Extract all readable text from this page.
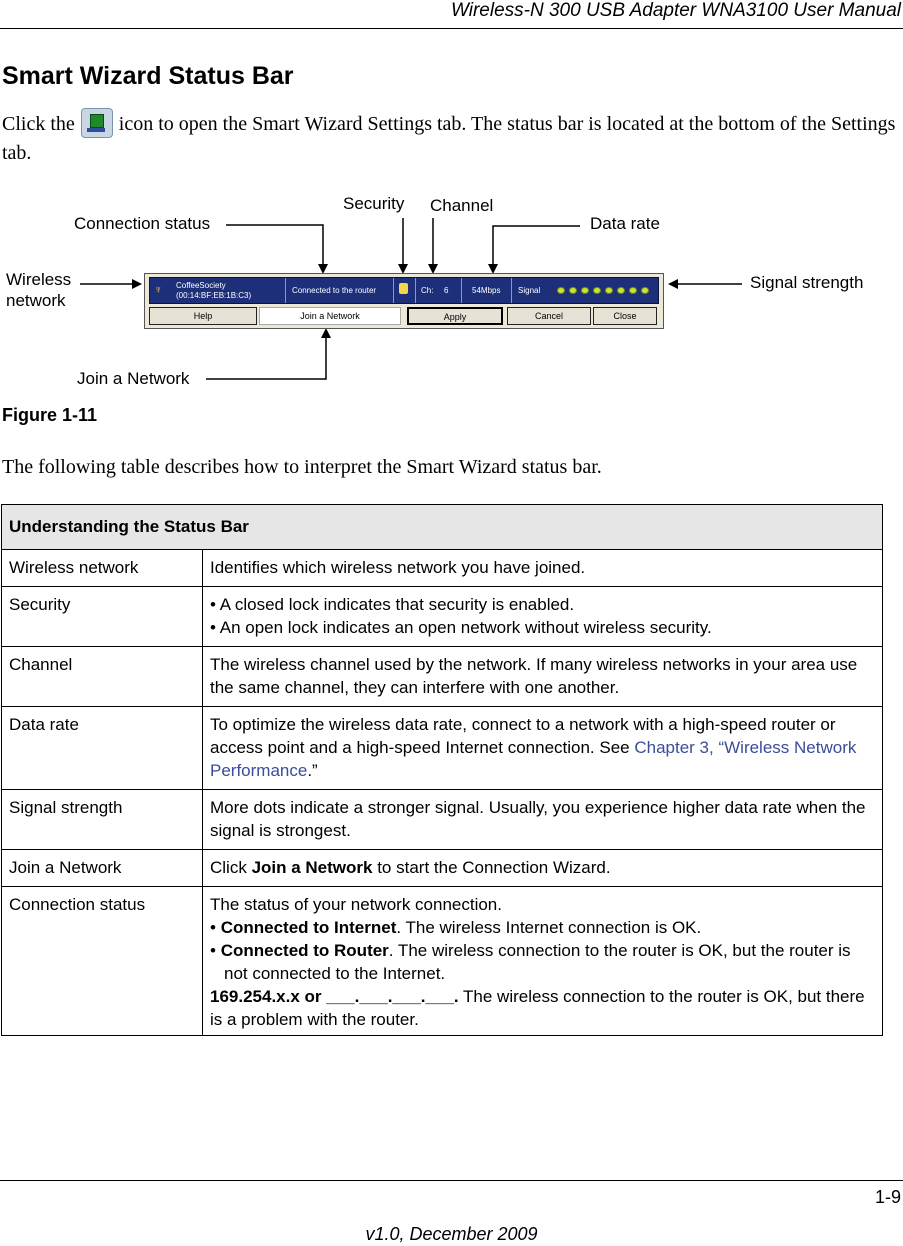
Wireless-N 300 USB Adapter WNA3100 User Manual
Smart Wizard Status Bar
Click the icon to open the Smart Wizard Settings tab. The status bar is located at the bottom of the Settings tab.
Security Channel
Connection status	Data rate
Wireless
network
Signal strength
Join a Network
♆ CoffeeSociety
(00:14:BF:EB:1B:C3)
Connected to the router	Ch: 6	54Mbps Signal
Help	Join a Network	Apply	Cancel	Close
Figure 1-11
The following table describes how to interpret the Smart Wizard status bar.
Understanding the Status Bar	
Wireless network	Identifies which wireless network you have joined.
Security	• A closed lock indicates that security is enabled.
• An open lock indicates an open network without wireless security.

Channel	The wireless channel used by the network. If many wireless networks in your area use the same channel, they can interfere with one another.
Data rate	To optimize the wireless data rate, connect to a network with a high-speed router or access point and a high-speed Internet connection. See Chapter 3, “Wireless Network Performance.”
Signal strength	More dots indicate a stronger signal. Usually, you experience higher data rate when the signal is strongest.
Join a Network	Click Join a Network to start the Connection Wizard.
Connection status	The status of your network connection.
• Connected to Internet. The wireless Internet connection is OK.
• Connected to Router. The wireless connection to the router is OK, but the router is not connected to the Internet.
169.254.x.x or ___.___.___.___. The wireless connection to the router is OK, but there is a problem with the router.
1-9
v1.0, December 2009
